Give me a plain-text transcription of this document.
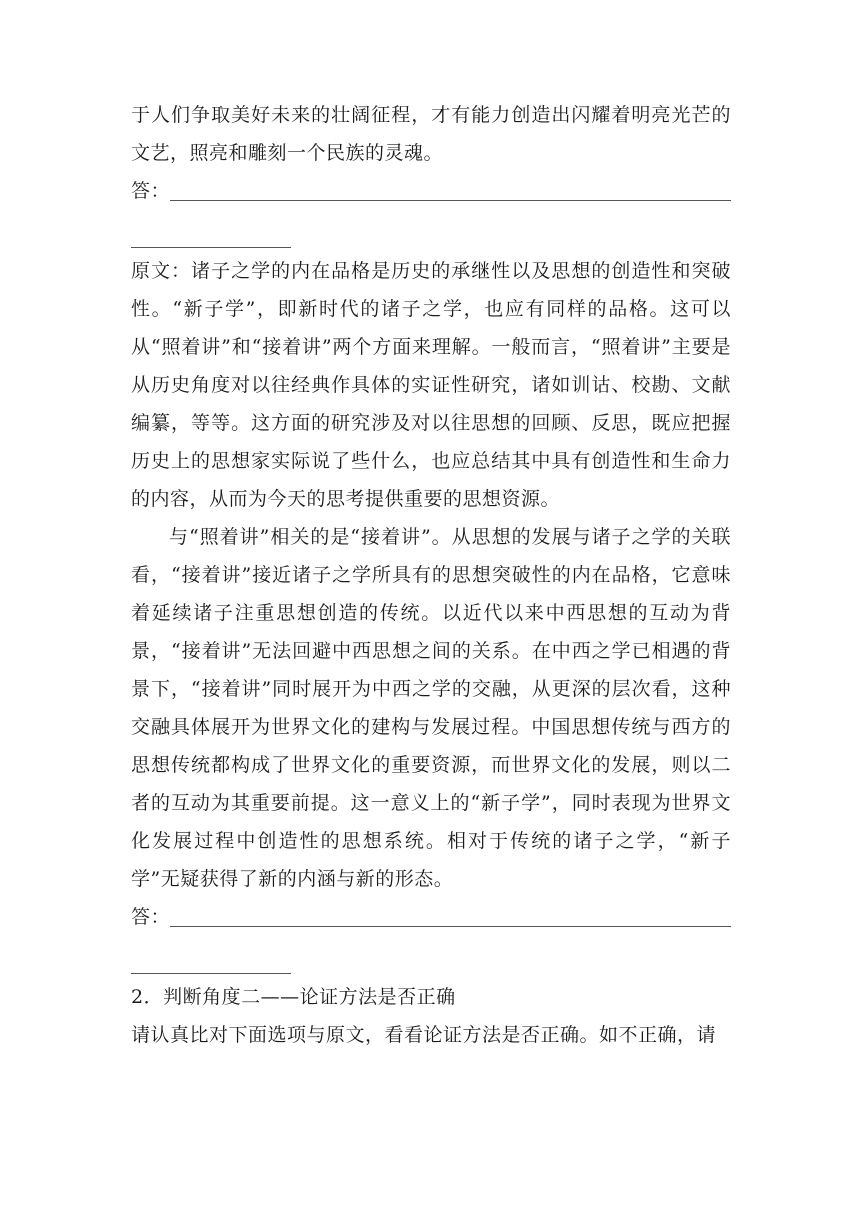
于人们争取美好未来的壮阔征程，才有能力创造出闪耀着明亮光芒的文艺，照亮和雕刻一个民族的灵魂。

答：

原文：诸子之学的内在品格是历史的承继性以及思想的创造性和突破性。“新子学”，即新时代的诸子之学，也应有同样的品格。这可以从“照着讲”和“接着讲”两个方面来理解。一般而言，“照着讲”主要是从历史角度对以往经典作具体的实证性研究，诸如训诂、校勘、文献编纂，等等。这方面的研究涉及对以往思想的回顾、反思，既应把握历史上的思想家实际说了些什么，也应总结其中具有创造性和生命力的内容，从而为今天的思考提供重要的思想资源。

与“照着讲”相关的是“接着讲”。从思想的发展与诸子之学的关联看，“接着讲”接近诸子之学所具有的思想突破性的内在品格，它意味着延续诸子注重思想创造的传统。以近代以来中西思想的互动为背景，“接着讲”无法回避中西思想之间的关系。在中西之学已相遇的背景下，“接着讲”同时展开为中西之学的交融，从更深的层次看，这种交融具体展开为世界文化的建构与发展过程。中国思想传统与西方的思想传统都构成了世界文化的重要资源，而世界文化的发展，则以二者的互动为其重要前提。这一意义上的“新子学”，同时表现为世界文化发展过程中创造性的思想系统。相对于传统的诸子之学，“新子学”无疑获得了新的内涵与新的形态。

答：

2．判断角度二——论证方法是否正确

请认真比对下面选项与原文，看看论证方法是否正确。如不正确，请
